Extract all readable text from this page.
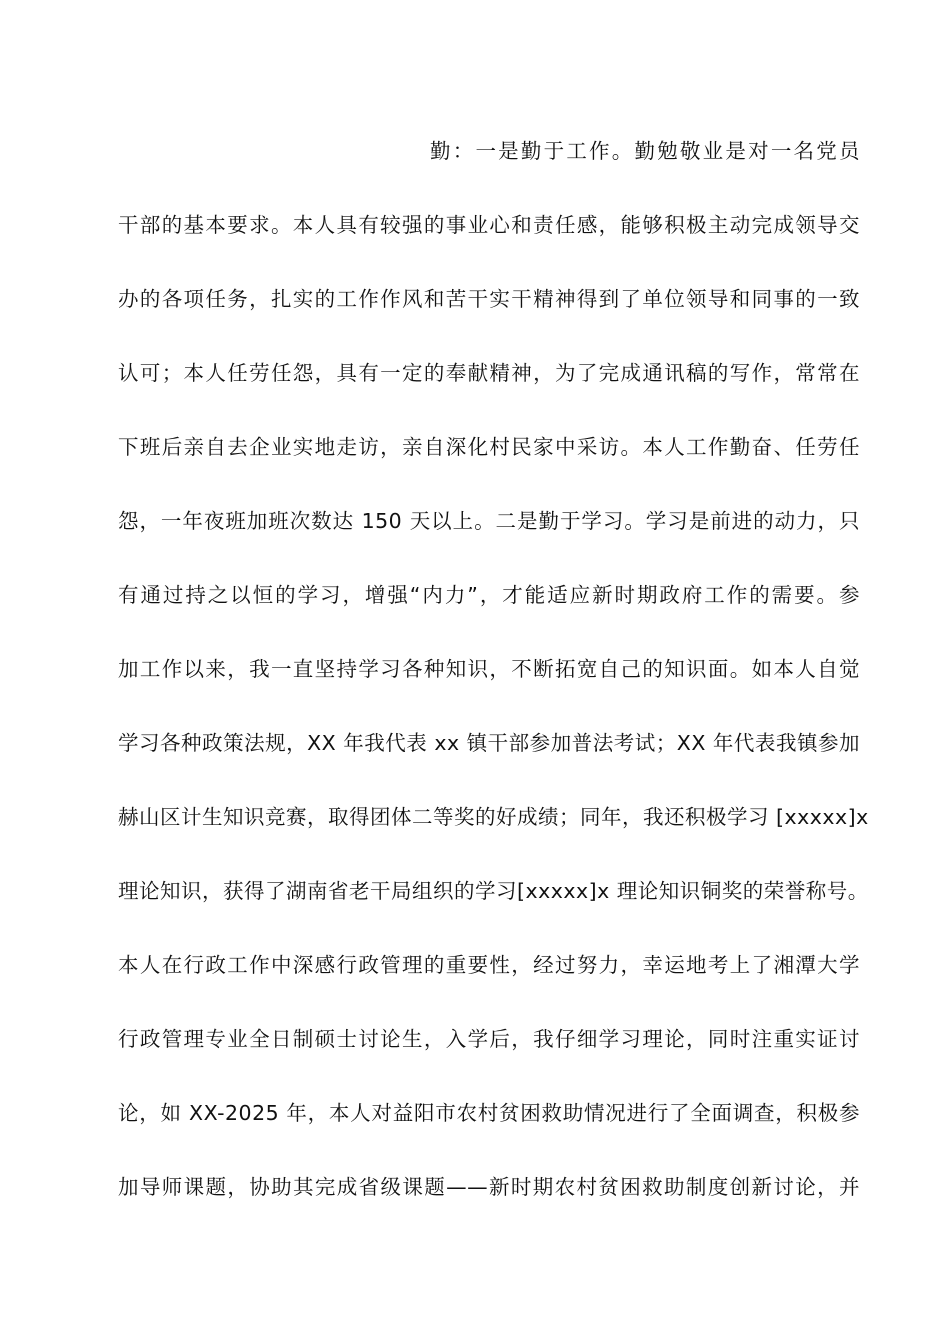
勤：一是勤于工作。勤勉敬业是对一名党员
干部的基本要求。本人具有较强的事业心和责任感，能够积极主动完成领导交
办的各项任务，扎实的工作作风和苦干实干精神得到了单位领导和同事的一致
认可；本人任劳任怨，具有一定的奉献精神，为了完成通讯稿的写作，常常在
下班后亲自去企业实地走访，亲自深化村民家中采访。本人工作勤奋、任劳任
怨，一年夜班加班次数达 150 天以上。二是勤于学习。学习是前进的动力，只
有通过持之以恒的学习，增强“内力”，才能适应新时期政府工作的需要。参
加工作以来，我一直坚持学习各种知识，不断拓宽自己的知识面。如本人自觉
学习各种政策法规，XX 年我代表 xx 镇干部参加普法考试；XX 年代表我镇参加
赫山区计生知识竞赛，取得团体二等奖的好成绩；同年，我还积极学习 [xxxxx]x
理论知识，获得了湖南省老干局组织的学习[xxxxx]x 理论知识铜奖的荣誉称号。
本人在行政工作中深感行政管理的重要性，经过努力，幸运地考上了湘潭大学
行政管理专业全日制硕士讨论生，入学后，我仔细学习理论，同时注重实证讨
论，如 XX-2025 年，本人对益阳市农村贫困救助情况进行了全面调查，积极参
加导师课题，协助其完成省级课题——新时期农村贫困救助制度创新讨论，并
